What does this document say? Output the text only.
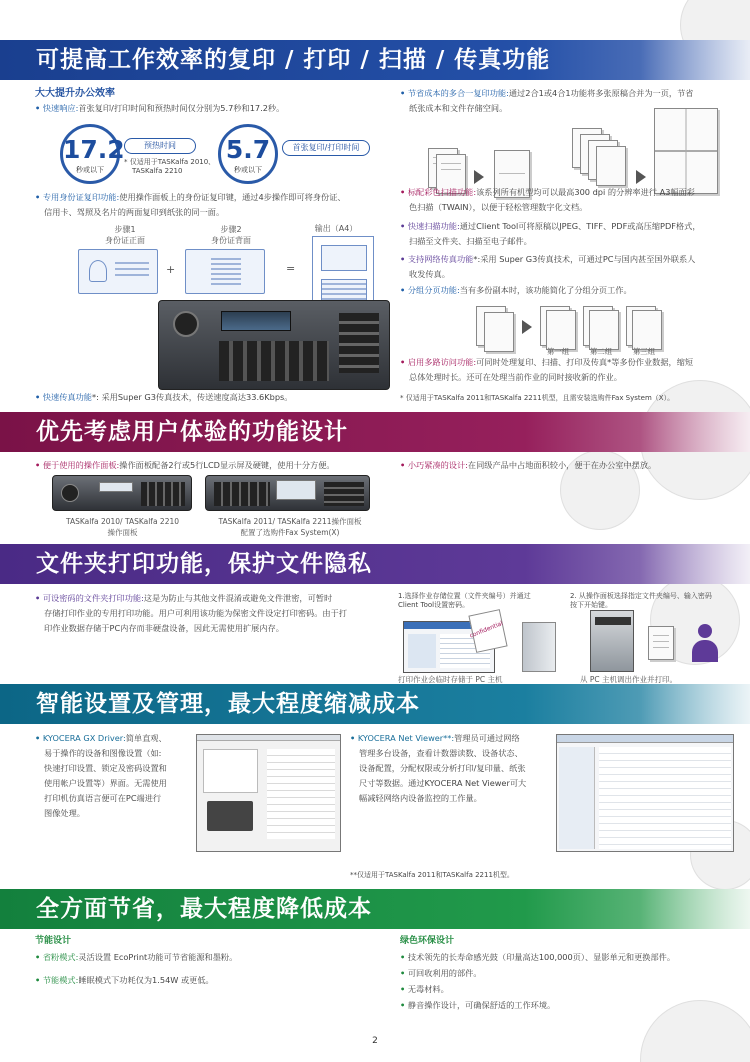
可提高工作效率的复印 / 打印 / 扫描 / 传真功能
大大提升办公效率
• 快速响应:首张复印/打印时间和预热时间仅分别为5.7秒和17.2秒。
17.2
秒或以下
预热时间
* 仅适用于TASKalfa 2010、
TASKalfa 2210
5.7
秒或以下
首张复印/打印时间
• 专用身份证复印功能:使用操作面板上的身份证复印键，通过4步操作即可将身份证、
信用卡、驾照及名片的两面复印到纸张的同一面。
步骤1
身份证正面
步骤2
身份证背面
输出（A4）
+	=
• 快速传真功能*: 采用Super G3传真技术，传送速度高达33.6Kbps。
• 节省成本的多合一复印功能:通过2合1或4合1功能将多张原稿合并为一页，节省
纸张成本和文件存储空间。
• 标配彩色扫描功能:该系列所有机型均可以最高300 dpi 的分辨率进行 A3幅面彩
色扫描（TWAIN），以便于轻松管理数字化文档。
• 快速扫描功能:通过Client Tool可将原稿以JPEG、TIFF、PDF或高压缩PDF格式，
扫描至文件夹、扫描至电子邮件。
• 支持网络传真功能*:采用 Super G3传真技术，可通过PC与国内甚至国外联系人
收发传真。
• 分组分页功能:当有多份副本时，该功能简化了分组分页工作。
第一组	第二组	第三组
• 启用多路访问功能:可同时处理复印、扫描、打印及传真*等多份作业数据，缩短
总体处理时长。还可在处理当前作业的同时接收新的作业。
* 仅适用于TASKalfa 2011和TASKalfa 2211机型，且需安装选购件Fax System（X）。
优先考虑用户体验的功能设计
• 便于使用的操作面板:操作面板配备2行或5行LCD显示屏及硬键，使用十分方便。	• 小巧紧凑的设计:在同级产品中占地面积较小，便于在办公室中摆放。
TASKalfa 2010/ TASKalfa 2210
操作面板
TASKalfa 2011/ TASKalfa 2211操作面板
配置了选购件Fax System(X)
文件夹打印功能，保护文件隐私
• 可设密码的文件夹打印功能:这是为防止与其他文件混淆或避免文件泄密，可暂时
存储打印作业的专用打印功能。用户可利用该功能为保密文件设定打印密码。由于打
印作业数据存储于PC内存而非硬盘设备，因此无需使用扩展内存。
1.选择作业存储位置（文件夹编号）并通过
Client Tool设置密码。
2. 从操作面板选择指定文件夹编号、输入密码
按下开始键。
confidential
打印作业会临时存储于 PC 主机	从 PC 主机调出作业并打印。
智能设置及管理，最大程度缩减成本
• KYOCERA GX Driver:简单直观、
易于操作的设备和图像设置（如:
快速打印设置、锁定及密码设置和
使用帐户设置等）界面。无需使用
打印机仿真语言便可在PC端进行
图像处理。
• KYOCERA Net Viewer**:管理员可通过网络
管理多台设备，查看计数器读数、设备状态、
设备配置，分配权限或分析打印/复印量、纸张
尺寸等数据。通过KYOCERA Net Viewer可大
幅减轻网络内设备监控的工作量。
**仅适用于TASKalfa 2011和TASKalfa 2211机型。
全方面节省，最大程度降低成本
节能设计
• 省粉模式:灵活设置 EcoPrint功能可节省能源和墨粉。
• 节能模式:睡眠模式下功耗仅为1.54W 或更低。
绿色环保设计
• 技术领先的长寿命感光鼓（印量高达100,000页）、显影单元和更换部件。
• 可回收利用的部件。
• 无毒材料。
• 静音操作设计，可确保舒适的工作环境。
2
